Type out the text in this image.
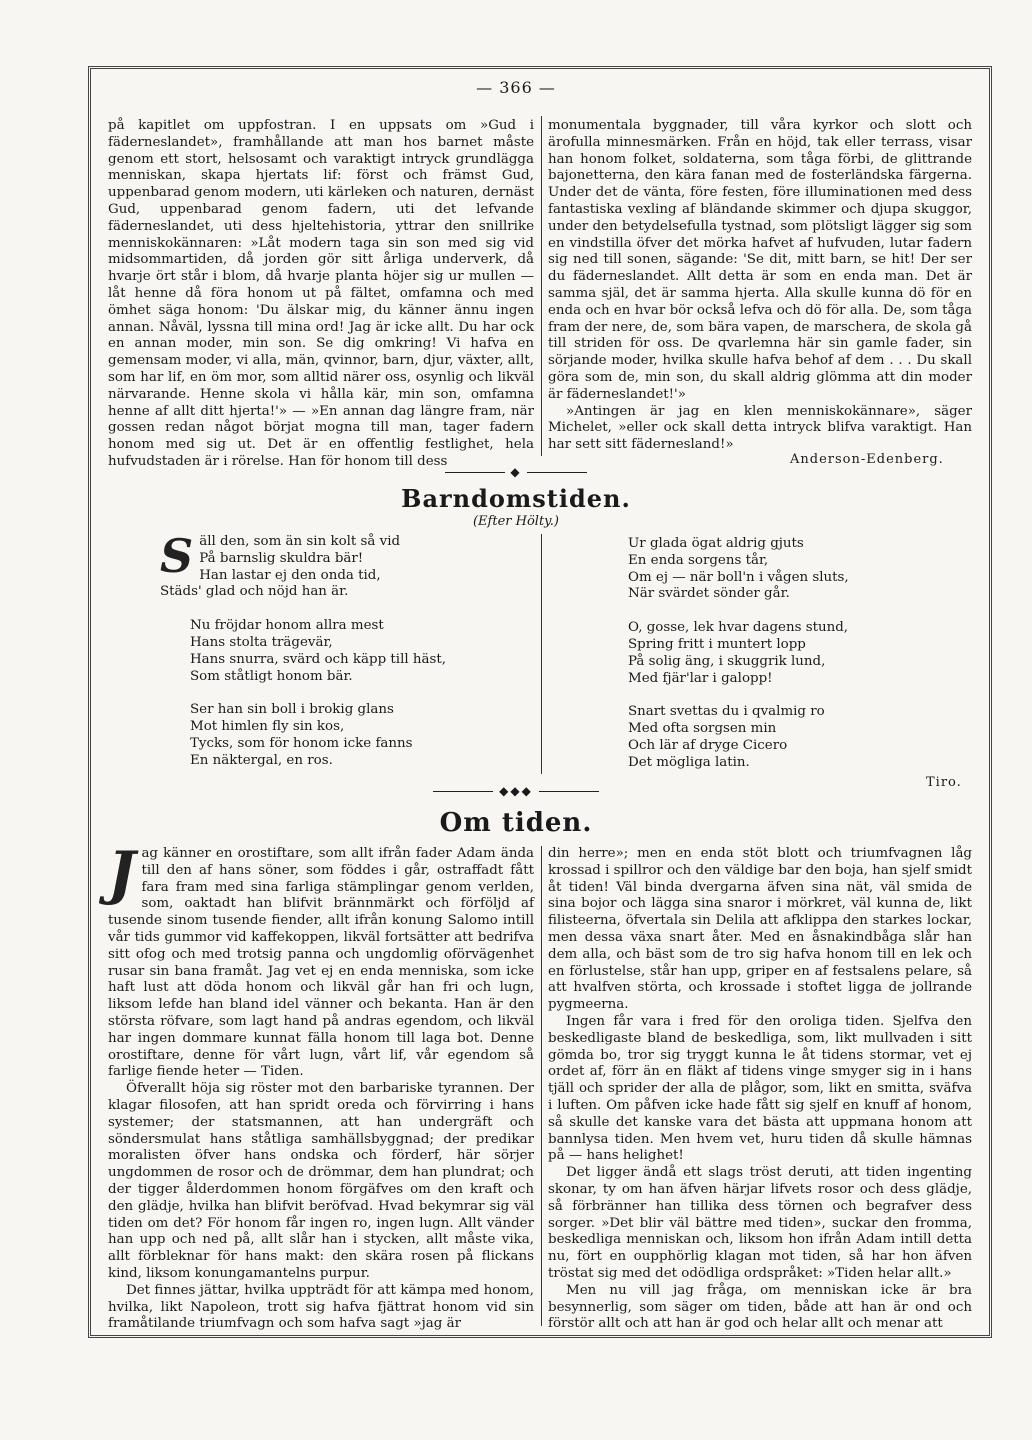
— 366 —

på kapitlet om uppfostran. I en uppsats om »Gud i fäderneslandet», framhållande att man hos barnet måste genom ett stort, helsosamt och varaktigt intryck grundlägga menniskan, skapa hjertats lif: först och främst Gud, uppenbarad genom modern, uti kärleken och naturen, dernäst Gud, uppenbarad genom fadern, uti det lefvande fäderneslandet, uti dess hjeltehistoria, yttrar den snillrike menniskokännaren: »Låt modern taga sin son med sig vid midsommartiden, då jorden gör sitt årliga underverk, då hvarje ört står i blom, då hvarje planta höjer sig ur mullen — låt henne då föra honom ut på fältet, omfamna och med ömhet säga honom: 'Du älskar mig, du känner ännu ingen annan. Nåväl, lyssna till mina ord! Jag är icke allt. Du har ock en annan moder, min son. Se dig omkring! Vi hafva en gemensam moder, vi alla, män, qvinnor, barn, djur, växter, allt, som har lif, en öm mor, som alltid närer oss, osynlig och likväl närvarande. Henne skola vi hålla kär, min son, omfamna henne af allt ditt hjerta!'» — »En annan dag längre fram, när gossen redan något börjat mogna till man, tager fadern honom med sig ut. Det är en offentlig festlighet, hela hufvudstaden är i rörelse. Han för honom till dess

monumentala byggnader, till våra kyrkor och slott och ärofulla minnesmärken. Från en höjd, tak eller terrass, visar han honom folket, soldaterna, som tåga förbi, de glittrande bajonetterna, den kära fanan med de fosterländska färgerna. Under det de vänta, före festen, före illuminationen med dess fantastiska vexling af bländande skimmer och djupa skuggor, under den betydelsefulla tystnad, som plötsligt lägger sig som en vindstilla öfver det mörka hafvet af hufvuden, lutar fadern sig ned till sonen, sägande: 'Se dit, mitt barn, se hit! Der ser du fäderneslandet. Allt detta är som en enda man. Det är samma själ, det är samma hjerta. Alla skulle kunna dö för en enda och en hvar bör också lefva och dö för alla. De, som tåga fram der nere, de, som bära vapen, de marschera, de skola gå till striden för oss. De qvarlemna här sin gamle fader, sin sörjande moder, hvilka skulle hafva behof af dem . . . Du skall göra som de, min son, du skall aldrig glömma att din moder är fäderneslandet!'»

»Antingen är jag en klen menniskokännare», säger Michelet, »eller ock skall detta intryck blifva varaktigt. Han har sett sitt fädernesland!»

Anderson-Edenberg.
◆
Barndomstiden.
(Efter Hölty.)
S äll den, som än sin kolt så vid
På barnslig skuldra bär!
Han lastar ej den onda tid,
Städs' glad och nöjd han är.
Nu fröjdar honom allra mest
Hans stolta trägevär,
Hans snurra, svärd och käpp till häst,
Som ståtligt honom bär.
Ser han sin boll i brokig glans
Mot himlen fly sin kos,
Tycks, som för honom icke fanns
En näktergal, en ros.
Ur glada ögat aldrig gjuts
En enda sorgens tår,
Om ej — när boll'n i vågen sluts,
När svärdet sönder går.
O, gosse, lek hvar dagens stund,
Spring fritt i muntert lopp
På solig äng, i skuggrik lund,
Med fjär'lar i galopp!
Snart svettas du i qvalmig ro
Med ofta sorgsen min
Och lär af dryge Cicero
Det mögliga latin.
Tiro.
◆◆◆
Om tiden.

Jag känner en orostiftare, som allt ifrån fader Adam ända till den af hans söner, som föddes i går, ostraffadt fått fara fram med sina farliga stämplingar genom verlden, som, oaktadt han blifvit brännmärkt och förföljd af tusende sinom tusende fiender, allt ifrån konung Salomo intill vår tids gummor vid kaffekoppen, likväl fortsätter att bedrifva sitt ofog och med trotsig panna och ungdomlig oförvägenhet rusar sin bana framåt. Jag vet ej en enda menniska, som icke haft lust att döda honom och likväl går han fri och lugn, liksom lefde han bland idel vänner och bekanta. Han är den största röfvare, som lagt hand på andras egendom, och likväl har ingen dommare kunnat fälla honom till laga bot. Denne orostiftare, denne för vårt lugn, vårt lif, vår egendom så farlige fiende heter — Tiden.

Öfverallt höja sig röster mot den barbariske tyrannen. Der klagar filosofen, att han spridt oreda och förvirring i hans systemer; der statsmannen, att han undergräft och söndersmulat hans ståtliga samhällsbyggnad; der predikar moralisten öfver hans ondska och förderf, här sörjer ungdommen de rosor och de drömmar, dem han plundrat; och der tigger ålderdommen honom förgäfves om den kraft och den glädje, hvilka han blifvit beröfvad. Hvad bekymrar sig väl tiden om det? För honom får ingen ro, ingen lugn. Allt vänder han upp och ned på, allt slår han i stycken, allt måste vika, allt förbleknar för hans makt: den skära rosen på flickans kind, liksom konungamantelns purpur.

Det finnes jättar, hvilka uppträdt för att kämpa med honom, hvilka, likt Napoleon, trott sig hafva fjättrat honom vid sin framåtilande triumfvagn och som hafva sagt »jag är

din herre»; men en enda stöt blott och triumfvagnen låg krossad i spillror och den väldige bar den boja, han sjelf smidt åt tiden! Väl binda dvergarna äfven sina nät, väl smida de sina bojor och lägga sina snaror i mörkret, väl kunna de, likt filisteerna, öfvertala sin Delila att afklippa den starkes lockar, men dessa växa snart åter. Med en åsnakindbåga slår han dem alla, och bäst som de tro sig hafva honom till en lek och en förlustelse, står han upp, griper en af festsalens pelare, så att hvalfven störta, och krossade i stoftet ligga de jollrande pygmeerna.

Ingen får vara i fred för den oroliga tiden. Sjelfva den beskedligaste bland de beskedliga, som, likt mullvaden i sitt gömda bo, tror sig tryggt kunna le åt tidens stormar, vet ej ordet af, förr än en fläkt af tidens vinge smyger sig in i hans tjäll och sprider der alla de plågor, som, likt en smitta, sväfva i luften. Om påfven icke hade fått sig sjelf en knuff af honom, så skulle det kanske vara det bästa att uppmana honom att bannlysa tiden. Men hvem vet, huru tiden då skulle hämnas på — hans helighet!

Det ligger ändå ett slags tröst deruti, att tiden ingenting skonar, ty om han äfven härjar lifvets rosor och dess glädje, så förbränner han tillika dess törnen och begrafver dess sorger. »Det blir väl bättre med tiden», suckar den fromma, beskedliga menniskan och, liksom hon ifrån Adam intill detta nu, fört en oupphörlig klagan mot tiden, så har hon äfven tröstat sig med det odödliga ordspråket: »Tiden helar allt.»

Men nu vill jag fråga, om menniskan icke är bra besynnerlig, som säger om tiden, både att han är ond och förstör allt och att han är god och helar allt och menar att
